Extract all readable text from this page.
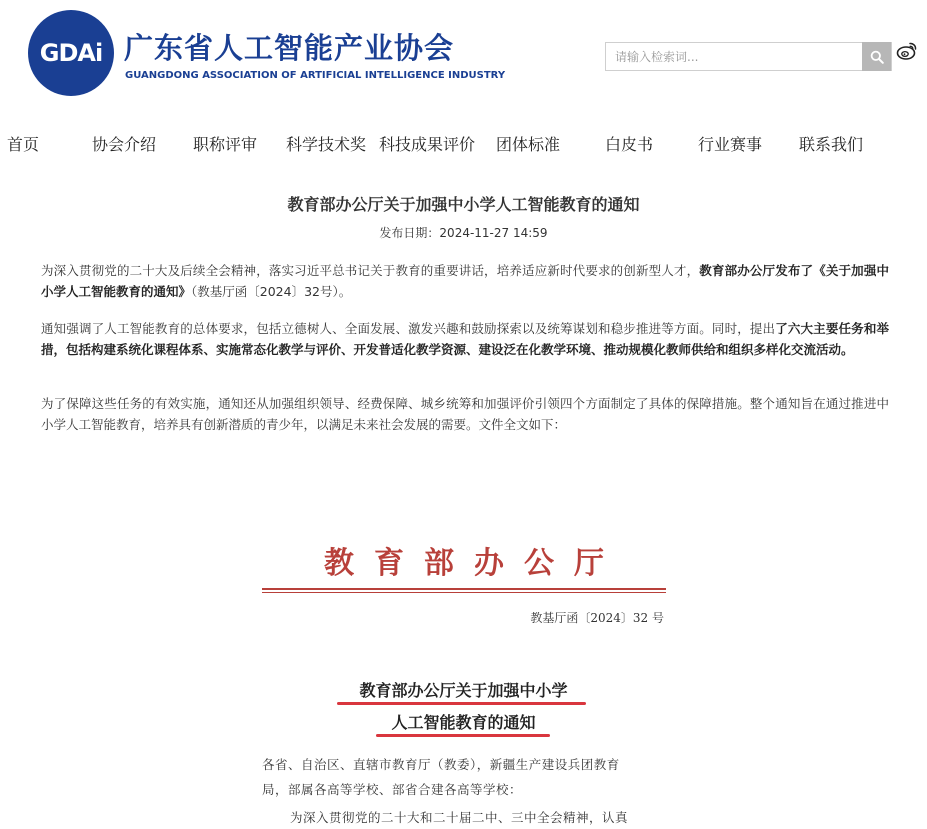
GDAi 广东省人工智能产业协会
GUANGDONG ASSOCIATION OF ARTIFICIAL INTELLIGENCE INDUSTRY
请输入检索词...
首页	协会介绍 职称评审 科学技术奖 科技成果评价 团体标准	白皮书	行业赛事 联系我们
教育部办公厅关于加强中小学人工智能教育的通知
发布日期：2024-11-27 14:59

为深入贯彻党的二十大及后续全会精神，落实习近平总书记关于教育的重要讲话，培养适应新时代要求的创新型人才，教育部办公厅发布了《关于加强中小学人工智能教育的通知》（教基厅函〔2024〕32号）。

通知强调了人工智能教育的总体要求，包括立德树人、全面发展、激发兴趣和鼓励探索以及统筹谋划和稳步推进等方面。同时，提出了六大主要任务和举措，包括构建系统化课程体系、实施常态化教学与评价、开发普适化教学资源、建设泛在化教学环境、推动规模化教师供给和组织多样化交流活动。

为了保障这些任务的有效实施，通知还从加强组织领导、经费保障、城乡统筹和加强评价引领四个方面制定了具体的保障措施。整个通知旨在通过推进中小学人工智能教育，培养具有创新潜质的青少年，以满足未来社会发展的需要。文件全文如下：

教育部办公厅
教基厅函〔2024〕32 号
教育部办公厅关于加强中小学
人工智能教育的通知
各省、自治区、直辖市教育厅（教委），新疆生产建设兵团教育
局，部属各高等学校、部省合建各高等学校：
为深入贯彻党的二十大和二十届二中、三中全会精神，认真
